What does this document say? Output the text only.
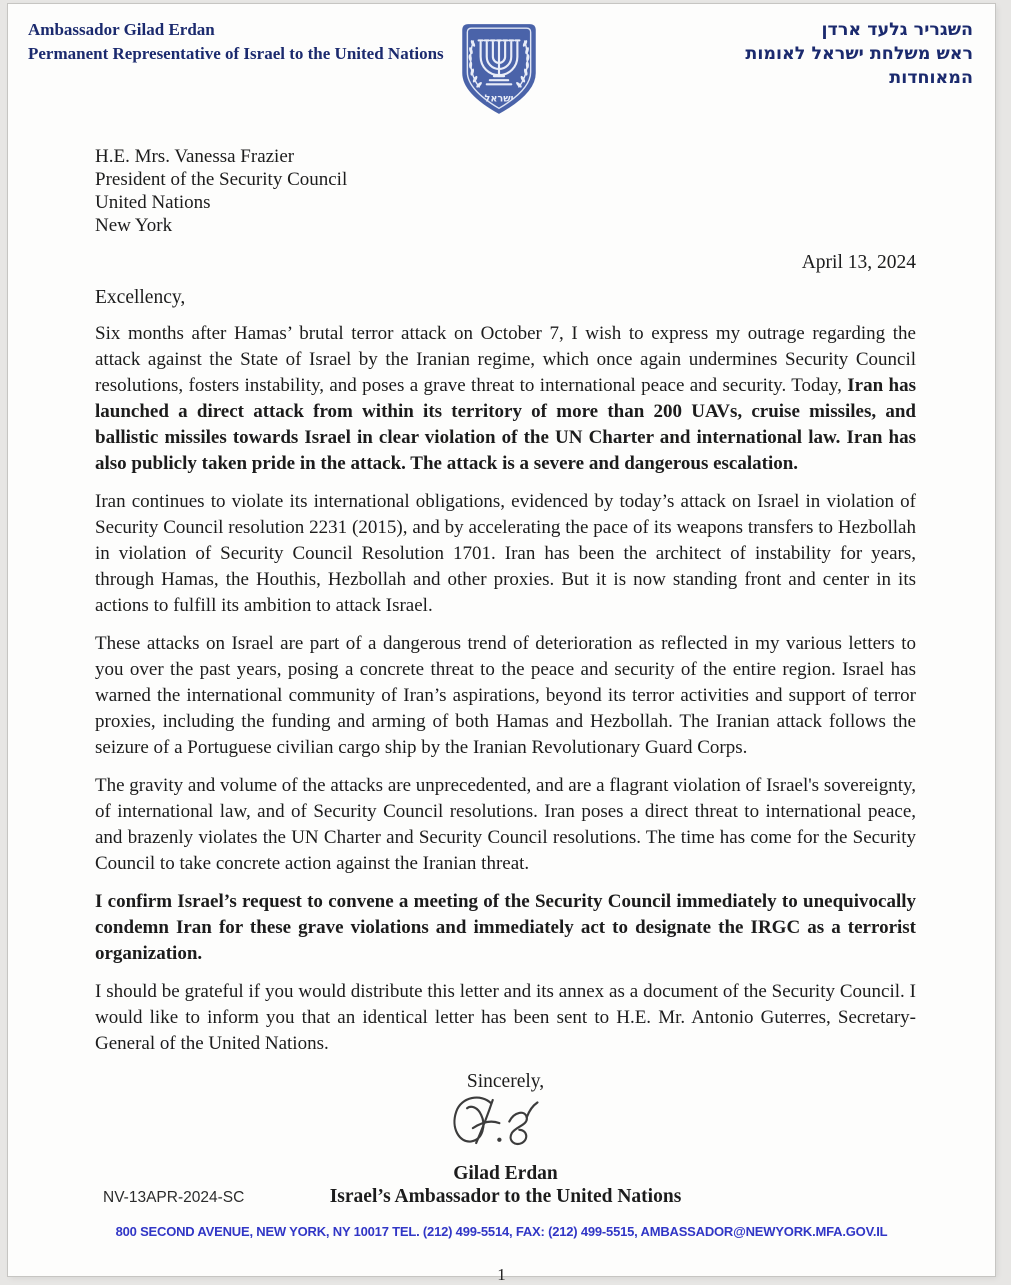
Ambassador Gilad Erdan
Permanent Representative of Israel to the United Nations
ישראל
השגריר גלעד ארדן
ראש משלחת ישראל לאומות
המאוחדות
H.E. Mrs. Vanessa Frazier
President of the Security Council
United Nations
New York
April 13, 2024
Excellency,

Six months after Hamas’ brutal terror attack on October 7, I wish to express my outrage regarding the attack against the State of Israel by the Iranian regime, which once again undermines Security Council resolutions, fosters instability, and poses a grave threat to international peace and security. Today, Iran has launched a direct attack from within its territory of more than 200 UAVs, cruise missiles, and ballistic missiles towards Israel in clear violation of the UN Charter and international law. Iran has also publicly taken pride in the attack. The attack is a severe and dangerous escalation.

Iran continues to violate its international obligations, evidenced by today’s attack on Israel in violation of Security Council resolution 2231 (2015), and by accelerating the pace of its weapons transfers to Hezbollah in violation of Security Council Resolution 1701. Iran has been the architect of instability for years, through Hamas, the Houthis, Hezbollah and other proxies. But it is now standing front and center in its actions to fulfill its ambition to attack Israel.

These attacks on Israel are part of a dangerous trend of deterioration as reflected in my various letters to you over the past years, posing a concrete threat to the peace and security of the entire region. Israel has warned the international community of Iran’s aspirations, beyond its terror activities and support of terror proxies, including the funding and arming of both Hamas and Hezbollah. The Iranian attack follows the seizure of a Portuguese civilian cargo ship by the Iranian Revolutionary Guard Corps.

The gravity and volume of the attacks are unprecedented, and are a flagrant violation of Israel's sovereignty, of international law, and of Security Council resolutions. Iran poses a direct threat to international peace, and brazenly violates the UN Charter and Security Council resolutions. The time has come for the Security Council to take concrete action against the Iranian threat.

I confirm Israel’s request to convene a meeting of the Security Council immediately to unequivocally condemn Iran for these grave violations and immediately act to designate the IRGC as a terrorist organization.

I should be grateful if you would distribute this letter and its annex as a document of the Security Council. I would like to inform you that an identical letter has been sent to H.E. Mr. Antonio Guterres, Secretary-General of the United Nations.

Sincerely,
Gilad Erdan
Israel’s Ambassador to the United Nations
NV-13APR-2024-SC
800 SECOND AVENUE, NEW YORK, NY 10017 TEL. (212) 499-5514, FAX: (212) 499-5515, AMBASSADOR@NEWYORK.MFA.GOV.IL
1
